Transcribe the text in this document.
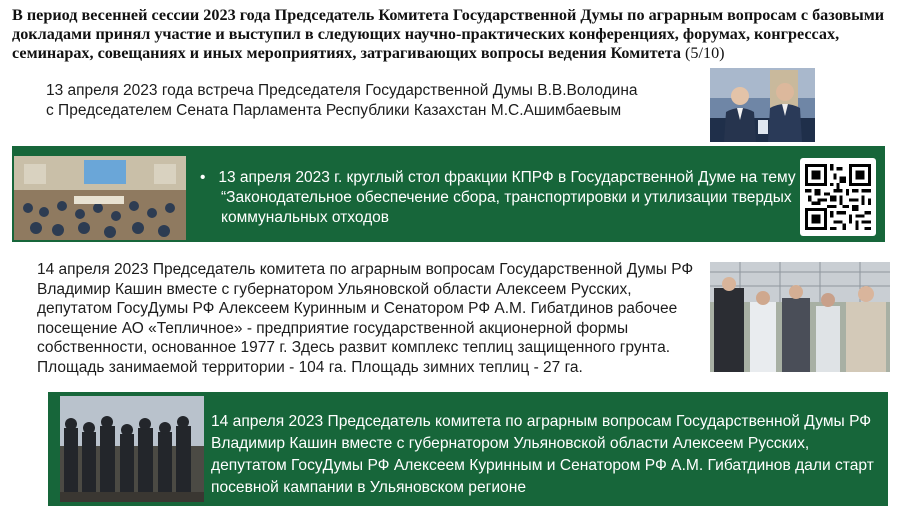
В период весенней сессии 2023 года Председатель Комитета Государственной Думы по аграрным вопросам с базовыми докладами принял участие и выступил в следующих научно-практических конференциях, форумах, конгрессах, семинарах, совещаниях и иных мероприятиях, затрагивающих вопросы ведения Комитета (5/10)
13 апреля 2023 года встреча Председателя Государственной Думы В.В.Володина
с Председателем Сената Парламента Республики Казахстан М.С.Ашимбаевым
• 13 апреля 2023 г. круглый стол фракции КПРФ в Государственной Думе на тему
“Законодательное обеспечение сбора, транспортировки и утилизации твердых
коммунальных отходов
14 апреля 2023 Председатель комитета по аграрным вопросам Государственной Думы РФ Владимир Кашин вместе с губернатором Ульяновской области Алексеем Русских, депутатом ГосуДумы РФ Алексеем Куринным и Сенатором РФ А.М. Гибатдинов рабочее посещение АО «Тепличное» - предприятие государственной акционерной формы собственности, основанное 1977 г. Здесь развит комплекс теплиц защищенного грунта. Площадь занимаемой территории - 104 га. Площадь зимних теплиц - 27 га.
14 апреля 2023 Председатель комитета по аграрным вопросам Государственной Думы РФ Владимир Кашин вместе с губернатором Ульяновской области Алексеем Русских, депутатом ГосуДумы РФ Алексеем Куринным и Сенатором РФ А.М. Гибатдинов дали старт посевной кампании в Ульяновском регионе
